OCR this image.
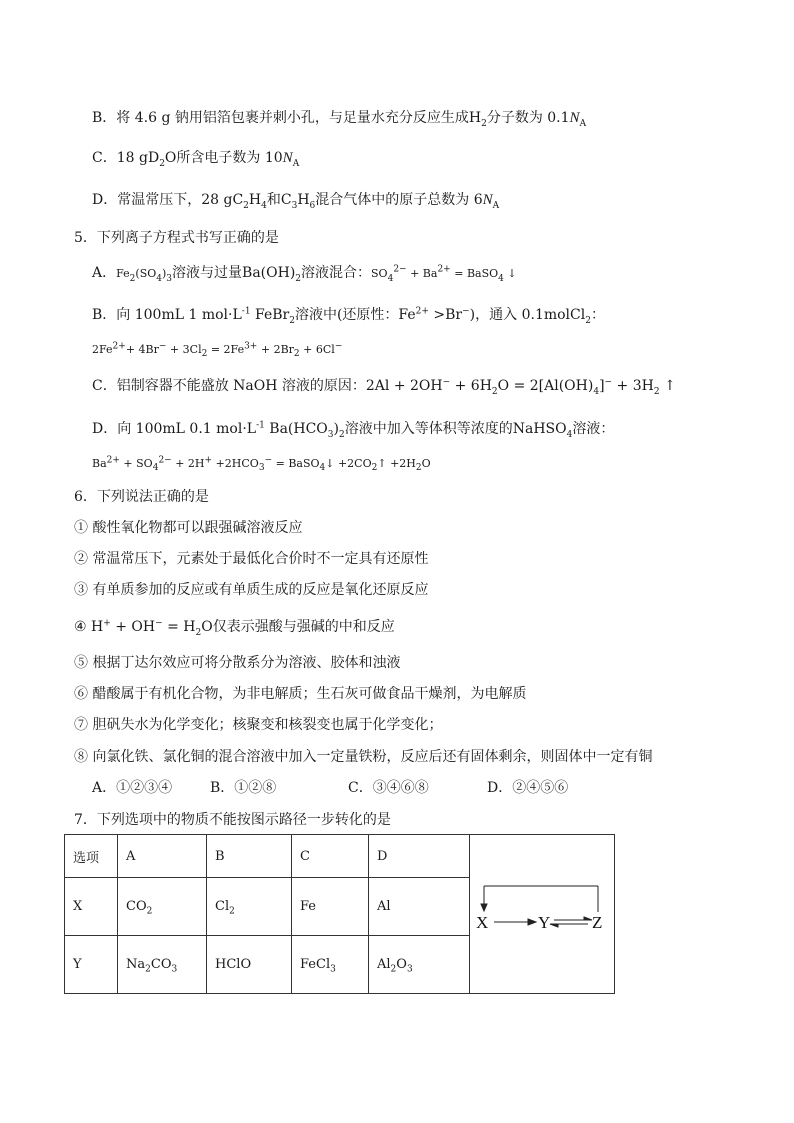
B．将 4.6 g 钠用铝箔包裹并刺小孔，与足量水充分反应生成$H_2$分子数为 $0.1N_A$
C．18 $gD_2O$所含电子数为 $10N_A$
D．常温常压下，28 $gC_2H_4$和$C_3H_6$混合气体中的原子总数为 $6N_A$
5．下列离子方程式书写正确的是
A．$Fe_2(SO_4)_3$溶液与过量$Ba(OH)_2$溶液混合：$SO_4^{2-} + Ba^{2+}$ = BaSO$_4$ ↓
B．向 100mL 1 $mol\cdot L^{-1}$ FeBr$_2$溶液中(还原性：$Fe^{2+} >Br^-$)，通入 0.1molCl$_2$：
$2Fe^{2+}+ 4Br^- + 3Cl_2 = 2Fe^{3+} + 2Br_2 + 6Cl^-$
C．铝制容器不能盛放 NaOH 溶液的原因：$2Al + 2OH^- + 6H_2O = 2[Al(OH)_4]^- + 3H_2$ ↑
D．向 100mL 0.1 $mol\cdot L^{-1}$ $Ba(HCO_3)_2$溶液中加入等体积等浓度的NaHSO$_4$溶液：
$Ba^{2+} + SO_4^{2-} + 2H^+ +2HCO_3^-$ = BaSO$_4$↓ $+2CO_2↑ +2H_2O$
6．下列说法正确的是
① 酸性氧化物都可以跟强碱溶液反应
② 常温常压下，元素处于最低化合价时不一定具有还原性
③ 有单质参加的反应或有单质生成的反应是氧化还原反应
④ $H^+ + OH^- = H_2O$仅表示强酸与强碱的中和反应
⑤ 根据丁达尔效应可将分散系分为溶液、胶体和浊液
⑥ 醋酸属于有机化合物，为非电解质；生石灰可做食品干燥剂，为电解质
⑦ 胆矾失水为化学变化；核聚变和核裂变也属于化学变化；
⑧ 向氯化铁、氯化铜的混合溶液中加入一定量铁粉，反应后还有固体剩余，则固体中一定有铜
A．①②③④	B．①②⑧	C．③④⑥⑧	D．②④⑤⑥
7．下列选项中的物质不能按图示路径一步转化的是
选项	A	B	C	D	
X	$CO_2$	$Cl_2$	Fe	Al	
Y	$Na_2CO_3$	HClO	FeCl$_3$	$Al_2O_3$
X	Y Z
